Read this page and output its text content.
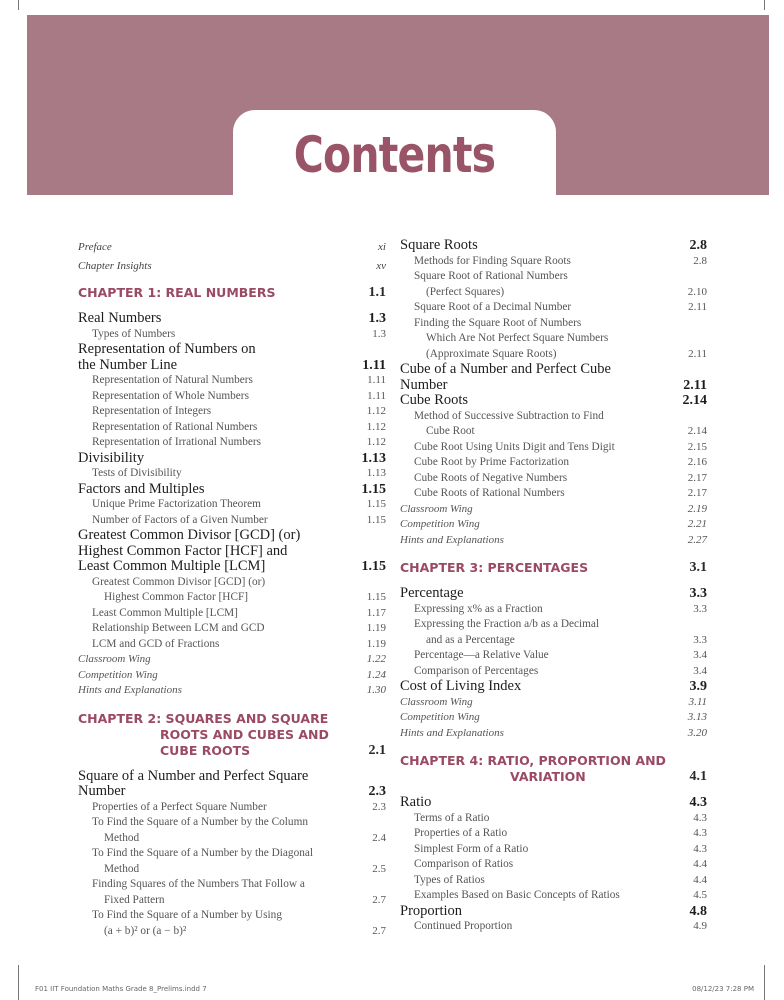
Contents
Preface	xi
Chapter Insights	xv
CHAPTER 1: REAL NUMBERS	1.1
Real Numbers	1.3
Types of Numbers	1.3
Representation of Numbers on
the Number Line	1.11
Representation of Natural Numbers	1.11
Representation of Whole Numbers	1.11
Representation of Integers	1.12
Representation of Rational Numbers	1.12
Representation of Irrational Numbers	1.12
Divisibility	1.13
Tests of Divisibility	1.13
Factors and Multiples	1.15
Unique Prime Factorization Theorem	1.15
Number of Factors of a Given Number	1.15
Greatest Common Divisor [GCD] (or)
Highest Common Factor [HCF] and
Least Common Multiple [LCM]	1.15
Greatest Common Divisor [GCD] (or)
Highest Common Factor [HCF]	1.15
Least Common Multiple [LCM]	1.17
Relationship Between LCM and GCD	1.19
LCM and GCD of Fractions	1.19
Classroom Wing	1.22
Competition Wing	1.24
Hints and Explanations	1.30
CHAPTER 2: SQUARES AND SQUARE
ROOTS AND CUBES AND
CUBE ROOTS	2.1
Square of a Number and Perfect Square
Number	2.3
Properties of a Perfect Square Number	2.3
To Find the Square of a Number by the Column
Method	2.4
To Find the Square of a Number by the Diagonal
Method	2.5
Finding Squares of the Numbers That Follow a
Fixed Pattern	2.7
To Find the Square of a Number by Using
(a + b)² or (a − b)²	2.7
Square Roots	2.8
Methods for Finding Square Roots	2.8
Square Root of Rational Numbers
(Perfect Squares)	2.10
Square Root of a Decimal Number	2.11
Finding the Square Root of Numbers
Which Are Not Perfect Square Numbers
(Approximate Square Roots)	2.11
Cube of a Number and Perfect Cube
Number	2.11
Cube Roots	2.14
Method of Successive Subtraction to Find
Cube Root	2.14
Cube Root Using Units Digit and Tens Digit	2.15
Cube Root by Prime Factorization	2.16
Cube Roots of Negative Numbers	2.17
Cube Roots of Rational Numbers	2.17
Classroom Wing	2.19
Competition Wing	2.21
Hints and Explanations	2.27
CHAPTER 3: PERCENTAGES	3.1
Percentage	3.3
Expressing x% as a Fraction	3.3
Expressing the Fraction a/b as a Decimal
and as a Percentage	3.3
Percentage—a Relative Value	3.4
Comparison of Percentages	3.4
Cost of Living Index	3.9
Classroom Wing	3.11
Competition Wing	3.13
Hints and Explanations	3.20
CHAPTER 4: RATIO, PROPORTION AND
VARIATION	4.1
Ratio	4.3
Terms of a Ratio	4.3
Properties of a Ratio	4.3
Simplest Form of a Ratio	4.3
Comparison of Ratios	4.4
Types of Ratios	4.4
Examples Based on Basic Concepts of Ratios	4.5
Proportion	4.8
Continued Proportion	4.9
F01 IIT Foundation Maths Grade 8_Prelims.indd 7	08/12/23 7:28 PM
